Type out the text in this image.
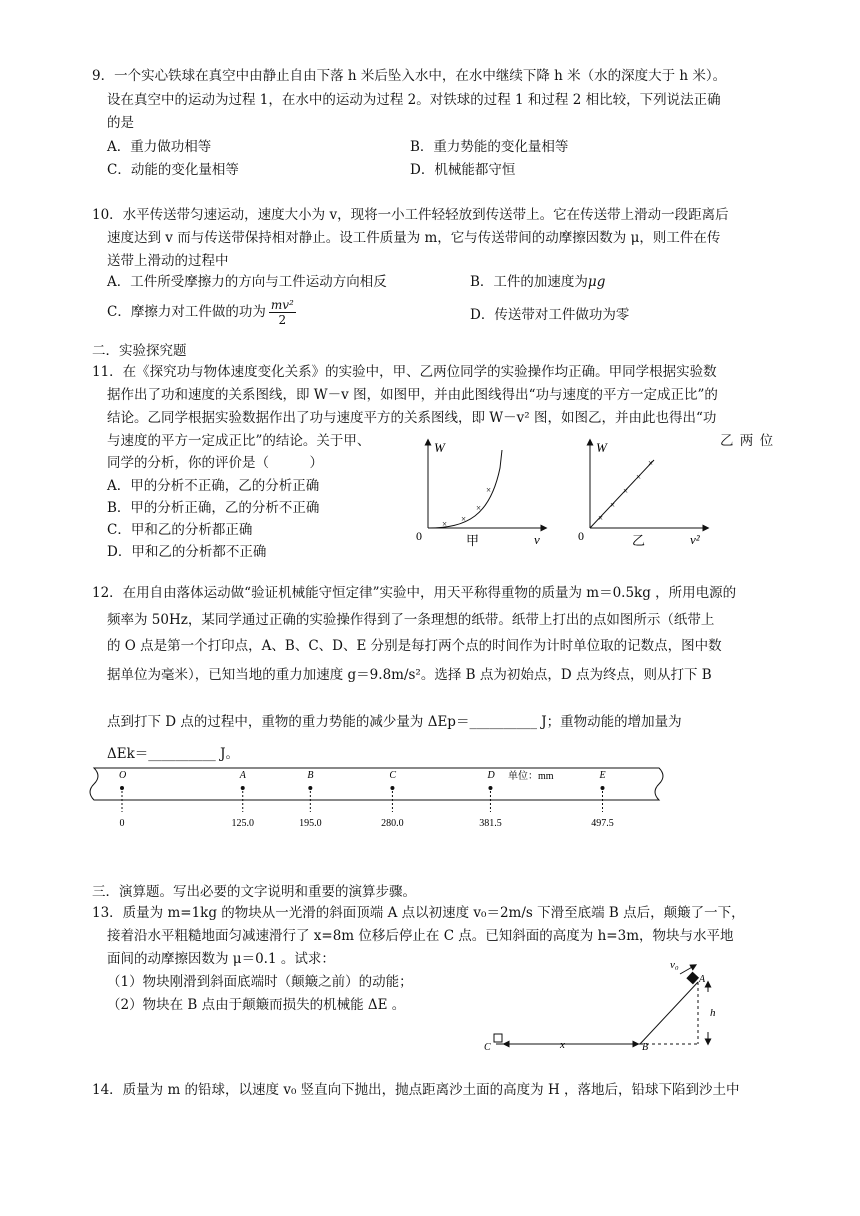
9．一个实心铁球在真空中由静止自由下落 h 米后坠入水中，在水中继续下降 h 米（水的深度大于 h 米）。
设在真空中的运动为过程 1，在水中的运动为过程 2。对铁球的过程 1 和过程 2 相比较，下列说法正确
的是
A．重力做功相等	B．重力势能的变化量相等
C．动能的变化量相等	D．机械能都守恒
10．水平传送带匀速运动，速度大小为 v，现将一小工件轻轻放到传送带上。它在传送带上滑动一段距离后
速度达到 v 而与传送带保持相对静止。设工件质量为 m，它与传送带间的动摩擦因数为 μ，则工件在传
送带上滑动的过程中
A．工件所受摩擦力的方向与工件运动方向相反	B．工件的加速度为μg
C．摩擦力对工件做的功为 $\frac{\text{mv²}}{2}$	D．传送带对工件做功为零
二．实验探究题
11．在《探究功与物体速度变化关系》的实验中，甲、乙两位同学的实验操作均正确。甲同学根据实验数
据作出了功和速度的关系图线，即 W－v 图，如图甲，并由此图线得出“功与速度的平方一定成正比”的
结论。乙同学根据实验数据作出了功与速度平方的关系图线，即 W－v² 图，如图乙，并由此也得出“功
与速度的平方一定成正比”的结论。关于甲、	乙 两 位
同学的分析，你的评价是（　　　）
A．甲的分析不正确，乙的分析正确
B．甲的分析正确，乙的分析不正确
C．甲和乙的分析都正确
D．甲和乙的分析都不正确
× ×
×
×
W
0	v
甲
×
×
×
×
×
W
0	v²
乙
12．在用自由落体运动做“验证机械能守恒定律”实验中，用天平称得重物的质量为 m＝0.5kg ，所用电源的
频率为 50Hz，某同学通过正确的实验操作得到了一条理想的纸带。纸带上打出的点如图所示（纸带上
的 O 点是第一个打印点，A、B、C、D、E 分别是每打两个点的时间作为计时单位取的记数点，图中数
据单位为毫米），已知当地的重力加速度 g＝9.8m/s²。选择 B 点为初始点，D 点为终点，则从打下 B
点到打下 D 点的过程中，重物的重力势能的减少量为 ΔEp＝__________ J；重物动能的增加量为
ΔEk＝__________ J。
O
0
A
125.0
B
195.0
C
280.0
D
381.5
E
497.5
单位：mm
三．演算题。写出必要的文字说明和重要的演算步骤。
13．质量为 m=1kg 的物块从一光滑的斜面顶端 A 点以初速度 v₀＝2m/s 下滑至底端 B 点后，颠簸了一下，
接着沿水平粗糙地面匀减速滑行了 x=8m 位移后停止在 C 点。已知斜面的高度为 h=3m，物块与水平地
面间的动摩擦因数为 μ＝0.1 。试求：
（1）物块刚滑到斜面底端时（颠簸之前）的动能；
（2）物块在 B 点由于颠簸而损失的机械能 ΔE 。
v₀
A
B
C
h
x
14．质量为 m 的铅球，以速度 v₀ 竖直向下抛出，抛点距离沙土面的高度为 H ，落地后，铅球下陷到沙土中
